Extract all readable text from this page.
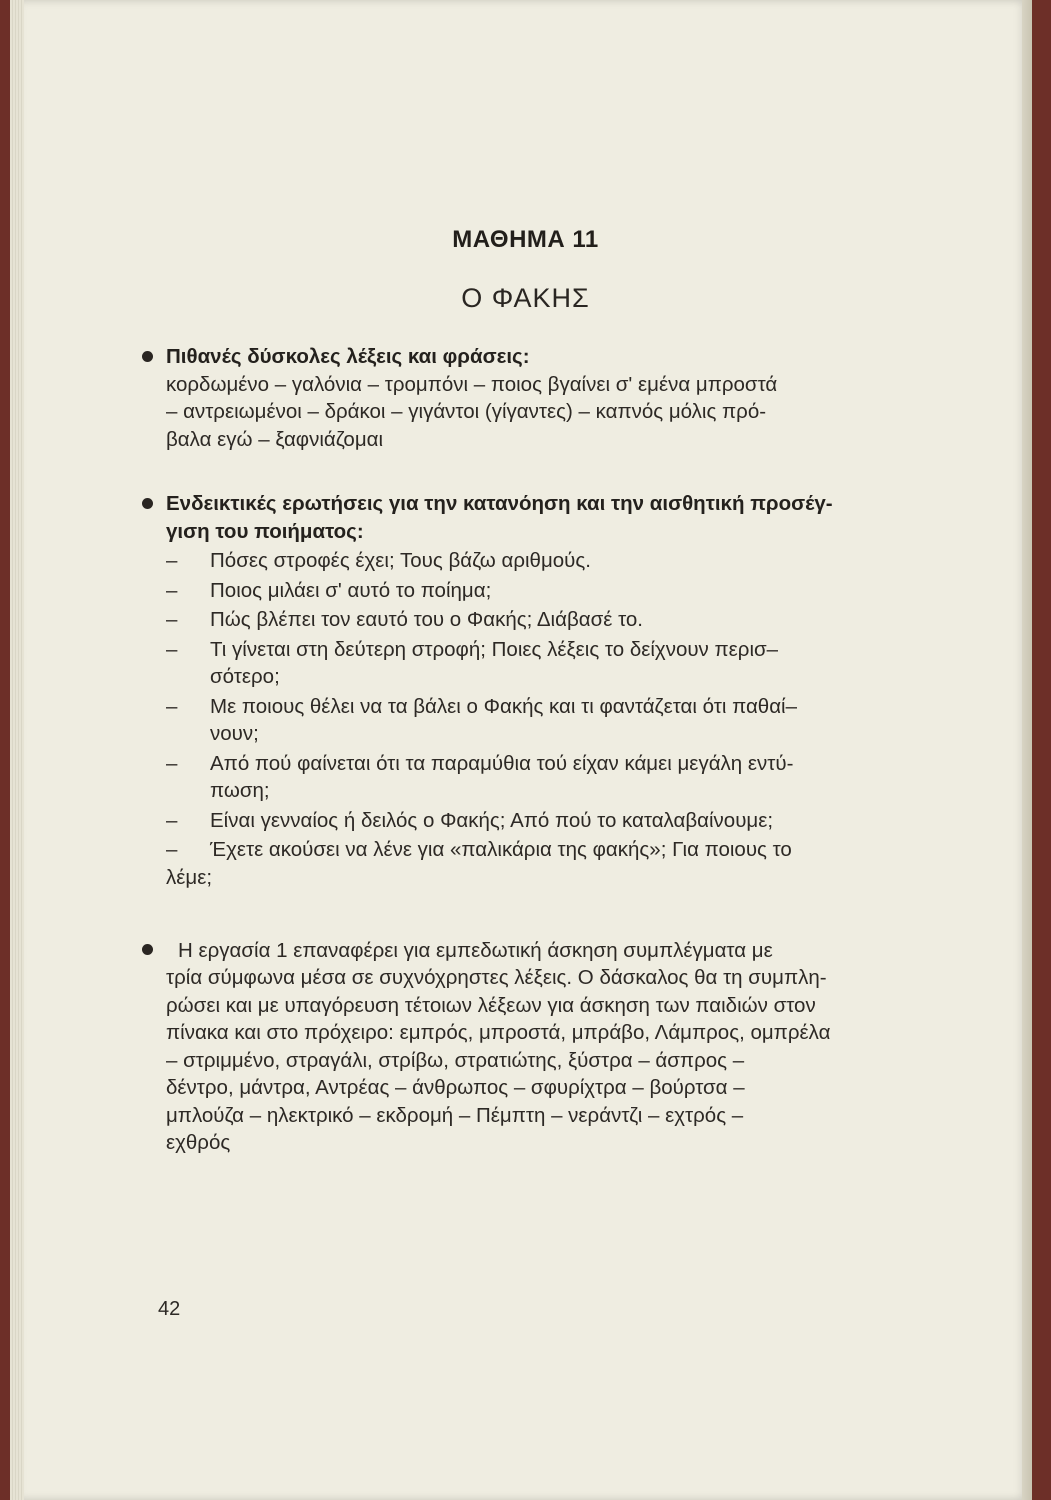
ΜΑΘΗΜΑ 11
Ο ΦΑΚΗΣ
Πιθανές δύσκολες λέξεις και φράσεις:
κορδωμένο – γαλόνια – τρομπόνι – ποιος βγαίνει σ' εμένα μπροστά
– αντρειωμένοι – δράκοι – γιγάντοι (γίγαντες) – καπνός μόλις πρό-
βαλα εγώ – ξαφνιάζομαι
Ενδεικτικές ερωτήσεις για την κατανόηση και την αισθητική προσέγ-
γιση του ποιήματος:
–	Πόσες στροφές έχει; Τους βάζω αριθμούς.
–	Ποιος μιλάει σ' αυτό το ποίημα;
–	Πώς βλέπει τον εαυτό του ο Φακής; Διάβασέ το.
–	Τι γίνεται στη δεύτερη στροφή; Ποιες λέξεις το δείχνουν περισ–
σότερο;
–	Με ποιους θέλει να τα βάλει ο Φακής και τι φαντάζεται ότι παθαί–
νουν;
–	Από πού φαίνεται ότι τα παραμύθια τού είχαν κάμει μεγάλη εντύ-
πωση;
–	Είναι γενναίος ή δειλός ο Φακής; Από πού το καταλαβαίνουμε;
–	Έχετε ακούσει να λένε για «παλικάρια της φακής»; Για ποιους το
λέμε;
Η εργασία 1 επαναφέρει για εμπεδωτική άσκηση συμπλέγματα με
τρία σύμφωνα μέσα σε συχνόχρηστες λέξεις. Ο δάσκαλος θα τη συμπλη-
ρώσει και με υπαγόρευση τέτοιων λέξεων για άσκηση των παιδιών στον
πίνακα και στο πρόχειρο: εμπρός, μπροστά, μπράβο, Λάμπρος, ομπρέλα
– στριμμένο, στραγάλι, στρίβω, στρατιώτης, ξύστρα – άσπρος –
δέντρο, μάντρα, Αντρέας – άνθρωπος – σφυρίχτρα – βούρτσα –
μπλούζα – ηλεκτρικό – εκδρομή – Πέμπτη – νεράντζι – εχτρός –
εχθρός
42
